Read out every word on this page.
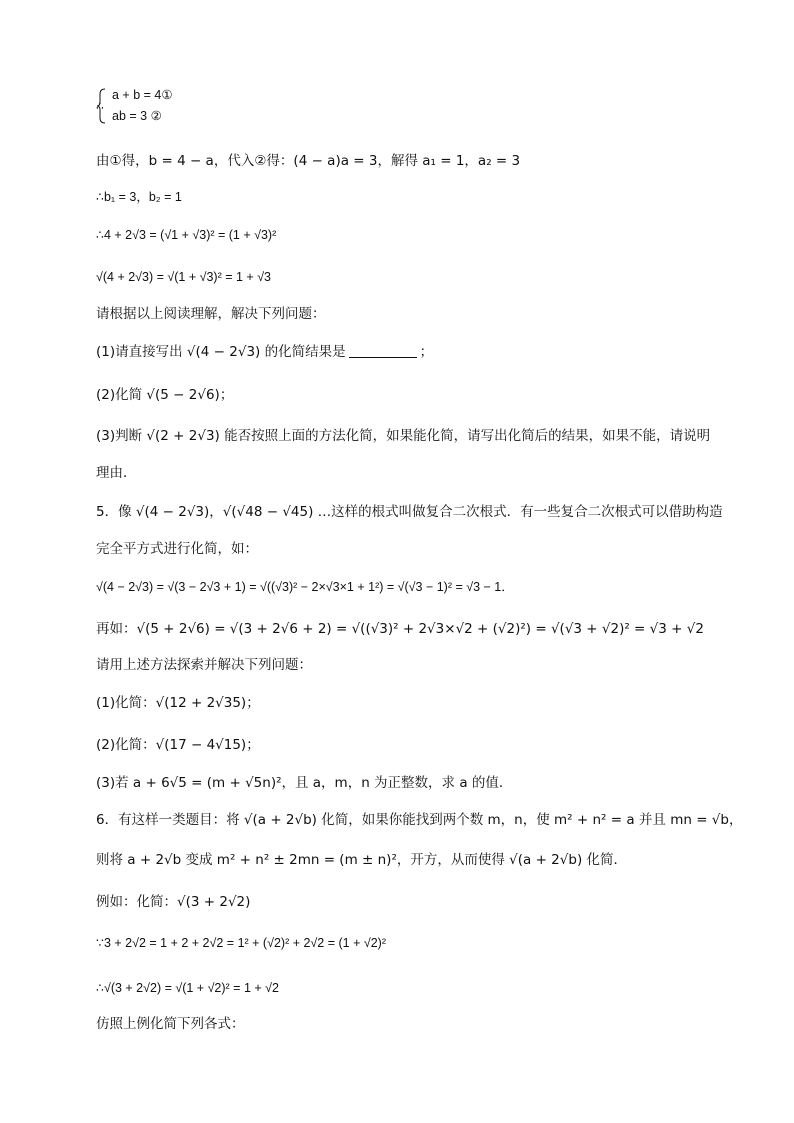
∴
a + b = 4①
ab = 3 ②
由①得，b = 4 − a，代入②得：(4 − a)a = 3，解得 a₁ = 1，a₂ = 3
∴b₁ = 3，b₂ = 1
∴4 + 2√3 = (√1 + √3)² = (1 + √3)²
√(4 + 2√3) = √(1 + √3)² = 1 + √3
请根据以上阅读理解，解决下列问题：
(1)请直接写出 √(4 − 2√3) 的化简结果是	；
(2)化简 √(5 − 2√6)；
(3)判断 √(2 + 2√3) 能否按照上面的方法化简，如果能化简，请写出化简后的结果，如果不能，请说明
理由．
5．像 √(4 − 2√3)，√(√48 − √45) …这样的根式叫做复合二次根式．有一些复合二次根式可以借助构造
完全平方式进行化简，如：
√(4 − 2√3) = √(3 − 2√3 + 1) = √((√3)² − 2×√3×1 + 1²) = √(√3 − 1)² = √3 − 1．
再如：√(5 + 2√6) = √(3 + 2√6 + 2) = √((√3)² + 2√3×√2 + (√2)²) = √(√3 + √2)² = √3 + √2
请用上述方法探索并解决下列问题：
(1)化简：√(12 + 2√35)；
(2)化简：√(17 − 4√15)；
(3)若 a + 6√5 = (m + √5n)²，且 a，m，n 为正整数，求 a 的值．
6．有这样一类题目：将 √(a + 2√b) 化简，如果你能找到两个数 m，n，使 m² + n² = a 并且 mn = √b，
则将 a + 2√b 变成 m² + n² ± 2mn = (m ± n)²，开方，从而使得 √(a + 2√b) 化简．
例如：化简：√(3 + 2√2)
∵3 + 2√2 = 1 + 2 + 2√2 = 1² + (√2)² + 2√2 = (1 + √2)²
∴√(3 + 2√2) = √(1 + √2)² = 1 + √2
仿照上例化简下列各式：
